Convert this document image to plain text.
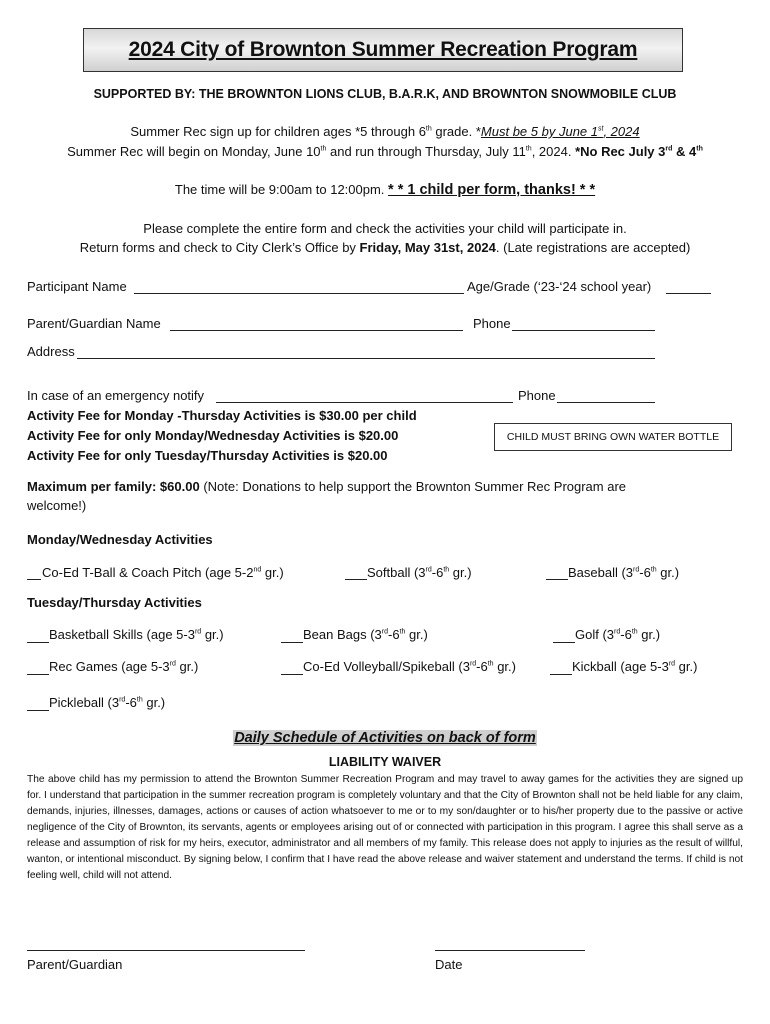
2024 City of Brownton Summer Recreation Program
SUPPORTED BY: THE BROWNTON LIONS CLUB, B.A.R.K, AND BROWNTON SNOWMOBILE CLUB
Summer Rec sign up for children ages *5 through 6th grade. *Must be 5 by June 1st, 2024
Summer Rec will begin on Monday, June 10th and run through Thursday, July 11th, 2024. *No Rec July 3rd & 4th
The time will be 9:00am to 12:00pm. * * 1 child per form, thanks! * *
Please complete the entire form and check the activities your child will participate in.
Return forms and check to City Clerk’s Office by Friday, May 31st, 2024. (Late registrations are accepted)
Participant Name	Age/Grade (‘23-‘24 school year)
Parent/Guardian Name	Phone
Address
In case of an emergency notify	Phone
Activity Fee for Monday -Thursday Activities is $30.00 per child
Activity Fee for only Monday/Wednesday Activities is $20.00
Activity Fee for only Tuesday/Thursday Activities is $20.00
CHILD MUST BRING OWN WATER BOTTLE
Maximum per family: $60.00 (Note: Donations to help support the Brownton Summer Rec Program are
welcome!)
Monday/Wednesday Activities
Co-Ed T-Ball & Coach Pitch (age 5-2nd gr.)	Softball (3rd-6th gr.)	Baseball (3rd-6th gr.)
Tuesday/Thursday Activities
Basketball Skills (age 5-3rd gr.)	Bean Bags (3rd-6th gr.)	Golf (3rd-6th gr.)
Rec Games (age 5-3rd gr.)	Co-Ed Volleyball/Spikeball (3rd-6th gr.)	Kickball (age 5-3rd gr.)
Pickleball (3rd-6th gr.)
Daily Schedule of Activities on back of form
LIABILITY WAIVER
The above child has my permission to attend the Brownton Summer Recreation Program and may travel to away games for the activities they are signed up for. I understand that participation in the summer recreation program is completely voluntary and that the City of Brownton shall not be held liable for any claim, demands, injuries, illnesses, damages, actions or causes of action whatsoever to me or to my son/daughter or to his/her property due to the passive or active negligence of the City of Brownton, its servants, agents or employees arising out of or connected with participation in this program. I agree this shall serve as a release and assumption of risk for my heirs, executor, administrator and all members of my family. This release does not apply to injuries as the result of willful, wanton, or intentional misconduct. By signing below, I confirm that I have read the above release and waiver statement and understand the terms. If child is not feeling well, child will not attend.
Parent/Guardian	Date
